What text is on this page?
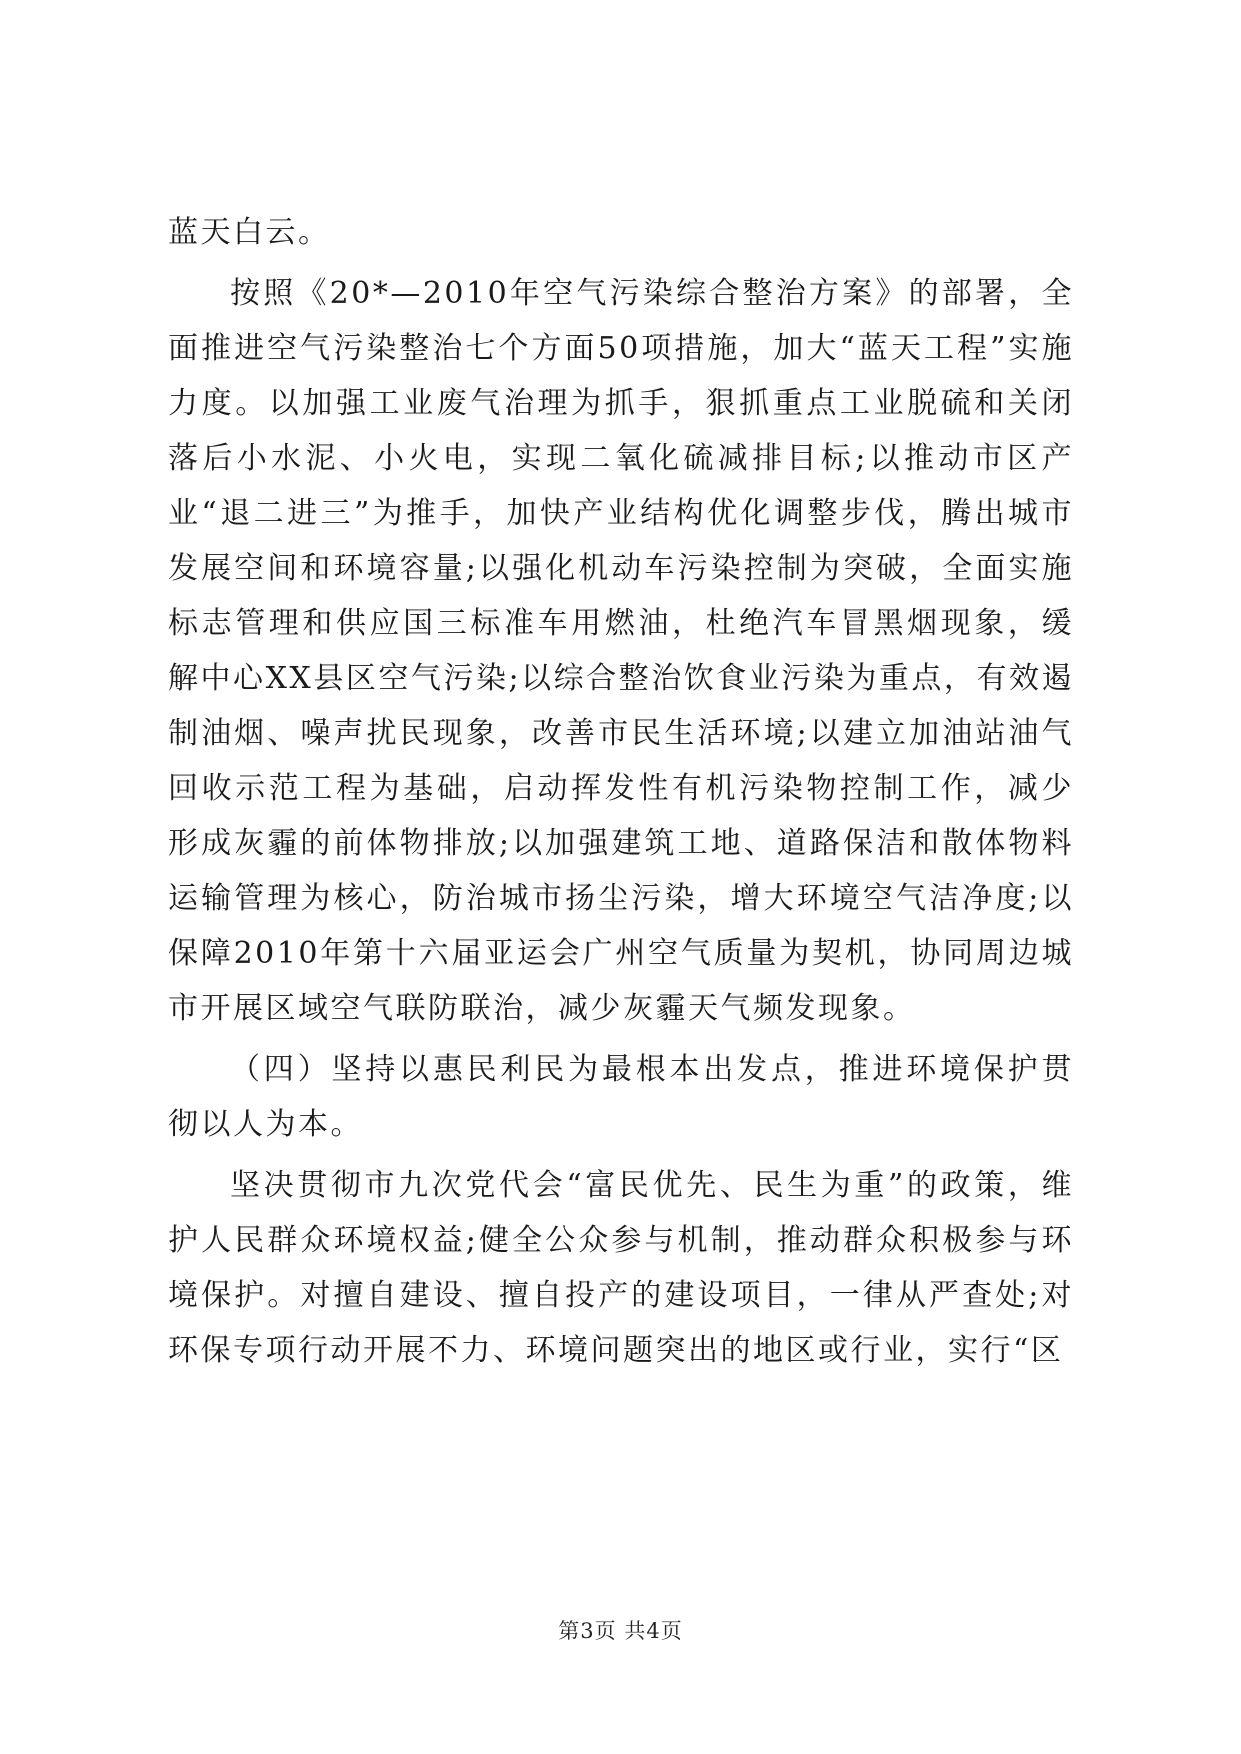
蓝天白云。

按照《20*—2010年空气污染综合整治方案》的部署，全面推进空气污染整治七个方面50项措施，加大“蓝天工程”实施力度。以加强工业废气治理为抓手，狠抓重点工业脱硫和关闭落后小水泥、小火电，实现二氧化硫减排目标;以推动市区产业“退二进三”为推手，加快产业结构优化调整步伐，腾出城市发展空间和环境容量;以强化机动车污染控制为突破，全面实施标志管理和供应国三标准车用燃油，杜绝汽车冒黑烟现象，缓解中心XX县区空气污染;以综合整治饮食业污染为重点，有效遏制油烟、噪声扰民现象，改善市民生活环境;以建立加油站油气回收示范工程为基础，启动挥发性有机污染物控制工作，减少形成灰霾的前体物排放;以加强建筑工地、道路保洁和散体物料运输管理为核心，防治城市扬尘污染，增大环境空气洁净度;以保障2010年第十六届亚运会广州空气质量为契机，协同周边城市开展区域空气联防联治，减少灰霾天气频发现象。

（四）坚持以惠民利民为最根本出发点，推进环境保护贯彻以人为本。

坚决贯彻市九次党代会“富民优先、民生为重”的政策，维护人民群众环境权益;健全公众参与机制，推动群众积极参与环境保护。对擅自建设、擅自投产的建设项目，一律从严查处;对环保专项行动开展不力、环境问题突出的地区或行业，实行“区

第3页 共4页
